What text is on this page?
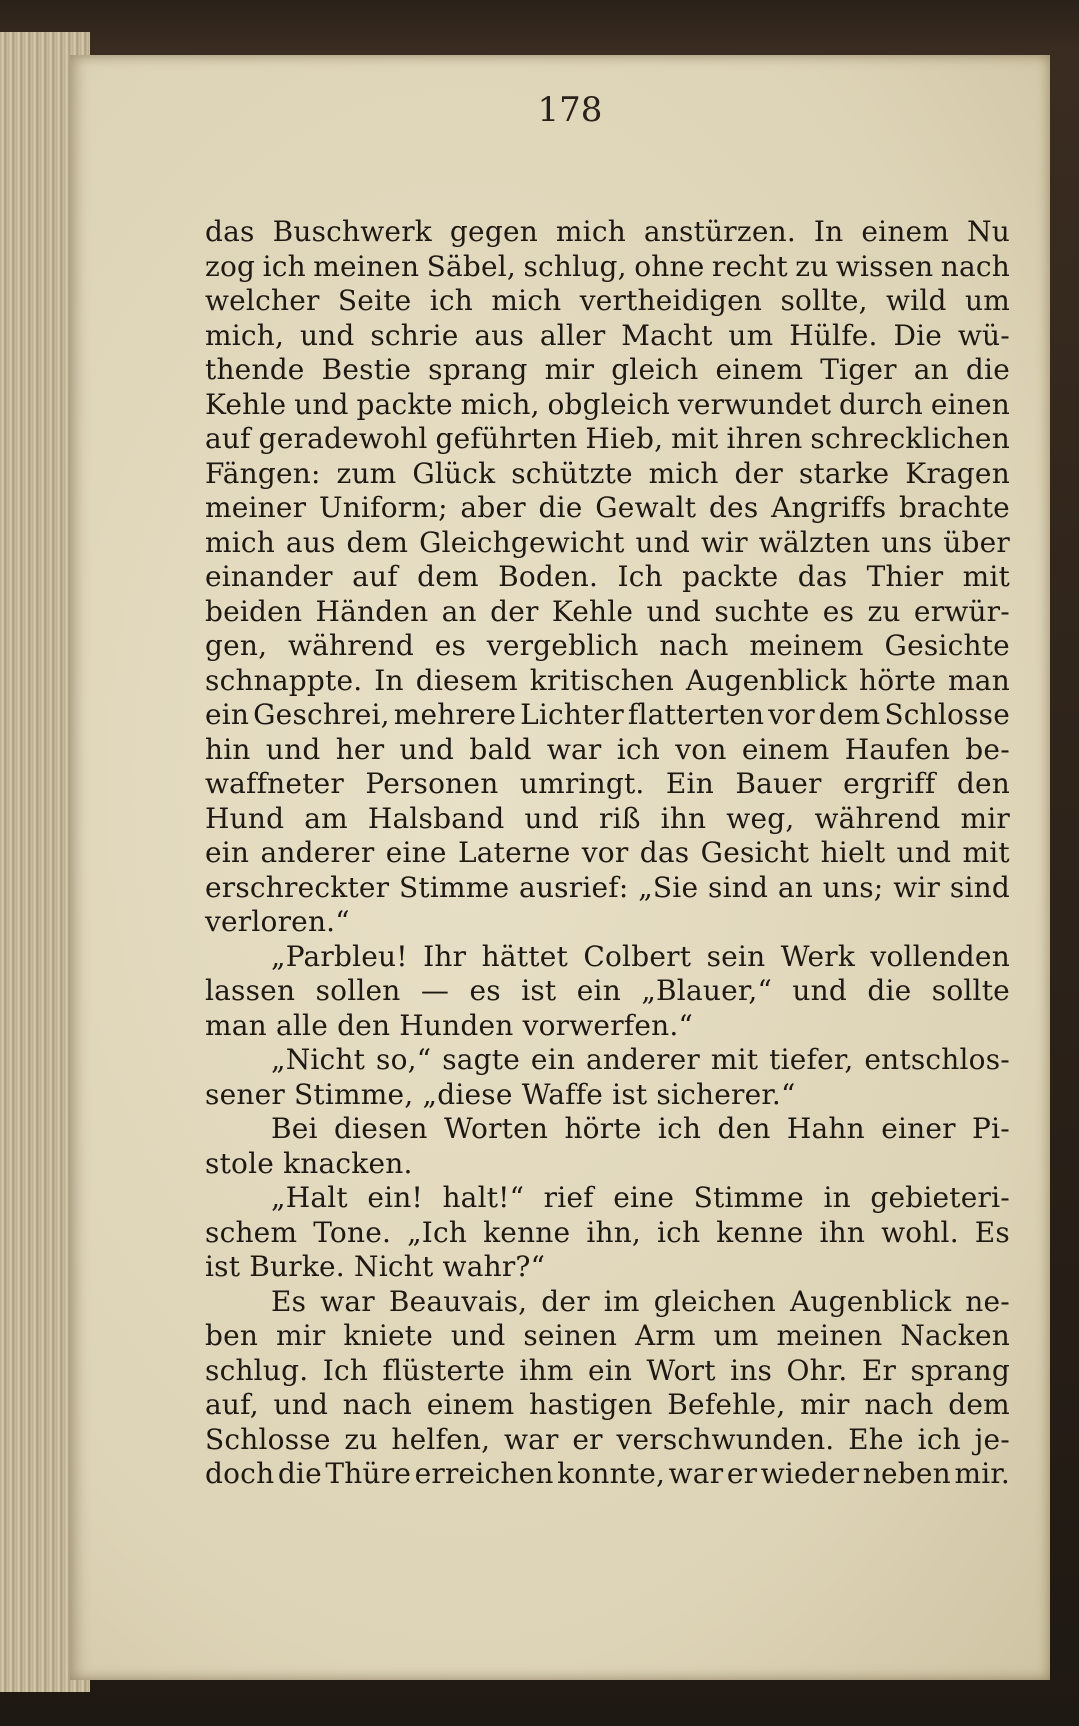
178
das Buschwerk gegen mich anstürzen. In einem Nu
zog ich meinen Säbel, schlug, ohne recht zu wissen nach
welcher Seite ich mich vertheidigen sollte, wild um
mich, und schrie aus aller Macht um Hülfe. Die wü-
thende Bestie sprang mir gleich einem Tiger an die
Kehle und packte mich, obgleich verwundet durch einen
auf geradewohl geführten Hieb, mit ihren schrecklichen
Fängen: zum Glück schützte mich der starke Kragen
meiner Uniform; aber die Gewalt des Angriffs brachte
mich aus dem Gleichgewicht und wir wälzten uns über
einander auf dem Boden. Ich packte das Thier mit
beiden Händen an der Kehle und suchte es zu erwür-
gen, während es vergeblich nach meinem Gesichte
schnappte. In diesem kritischen Augenblick hörte man
ein Geschrei, mehrere Lichter flatterten vor dem Schlosse
hin und her und bald war ich von einem Haufen be-
waffneter Personen umringt. Ein Bauer ergriff den
Hund am Halsband und riß ihn weg, während mir
ein anderer eine Laterne vor das Gesicht hielt und mit
erschreckter Stimme ausrief: „Sie sind an uns; wir sind
verloren.“
„Parbleu! Ihr hättet Colbert sein Werk vollenden
lassen sollen — es ist ein „Blauer,“ und die sollte
man alle den Hunden vorwerfen.“
„Nicht so,“ sagte ein anderer mit tiefer, entschlos-
sener Stimme, „diese Waffe ist sicherer.“
Bei diesen Worten hörte ich den Hahn einer Pi-
stole knacken.
„Halt ein! halt!“ rief eine Stimme in gebieteri-
schem Tone. „Ich kenne ihn, ich kenne ihn wohl. Es
ist Burke. Nicht wahr?“
Es war Beauvais, der im gleichen Augenblick ne-
ben mir kniete und seinen Arm um meinen Nacken
schlug. Ich flüsterte ihm ein Wort ins Ohr. Er sprang
auf, und nach einem hastigen Befehle, mir nach dem
Schlosse zu helfen, war er verschwunden. Ehe ich je-
doch die Thüre erreichen konnte, war er wieder neben mir.
